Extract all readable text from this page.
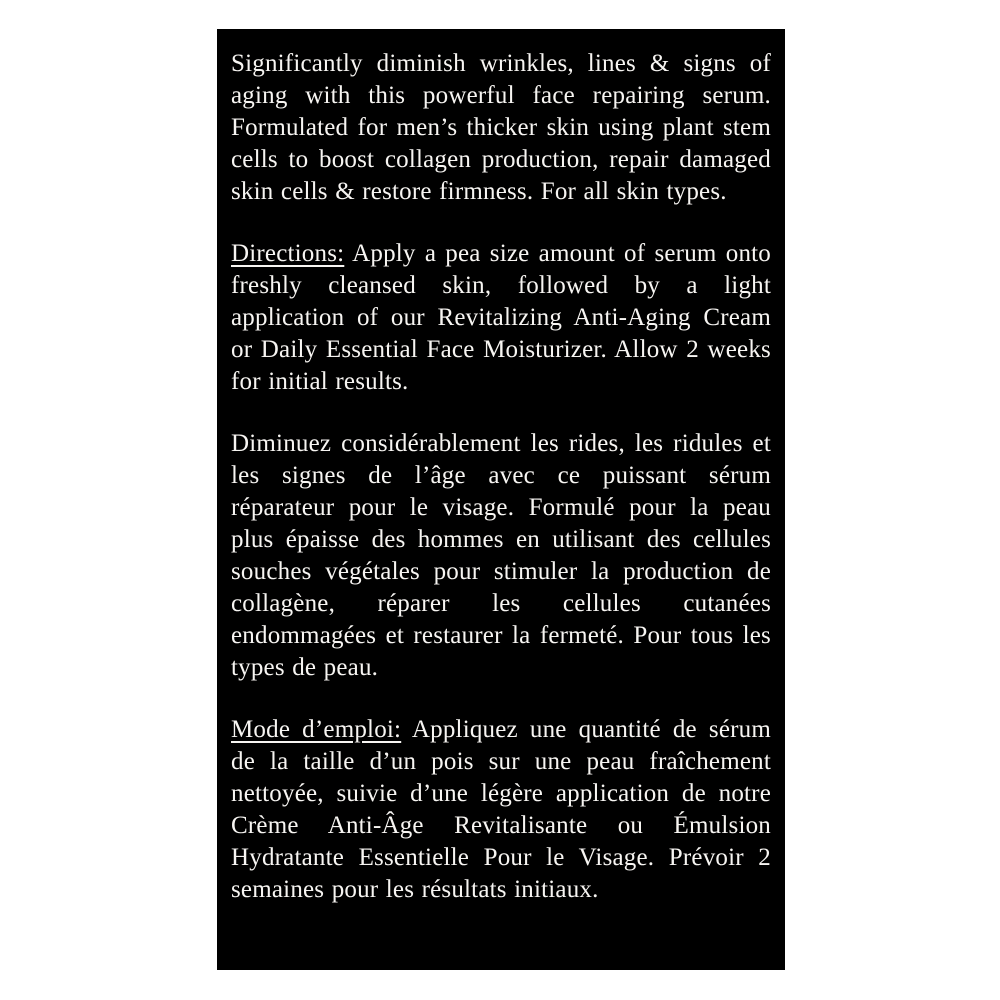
Significantly diminish wrinkles, lines & signs of aging with this powerful face repairing serum. Formulated for men’s thicker skin using plant stem cells to boost collagen production, repair damaged skin cells & restore firmness. For all skin types.

Directions: Apply a pea size amount of serum onto freshly cleansed skin, followed by a light application of our Revitalizing Anti-Aging Cream or Daily Essential Face Moisturizer. Allow 2 weeks for initial results.

Diminuez considérablement les rides, les ridules et les signes de l’âge avec ce puissant sérum réparateur pour le visage. Formulé pour la peau plus épaisse des hommes en utilisant des cellules souches végétales pour stimuler la production de collagène, réparer les cellules cutanées endommagées et restaurer la fermeté. Pour tous les types de peau.

Mode d’emploi: Appliquez une quantité de sérum de la taille d’un pois sur une peau fraîchement nettoyée, suivie d’une légère application de notre Crème Anti-Âge Revitalisante ou Émulsion Hydratante Essentielle Pour le Visage. Prévoir 2 semaines pour les résultats initiaux.
